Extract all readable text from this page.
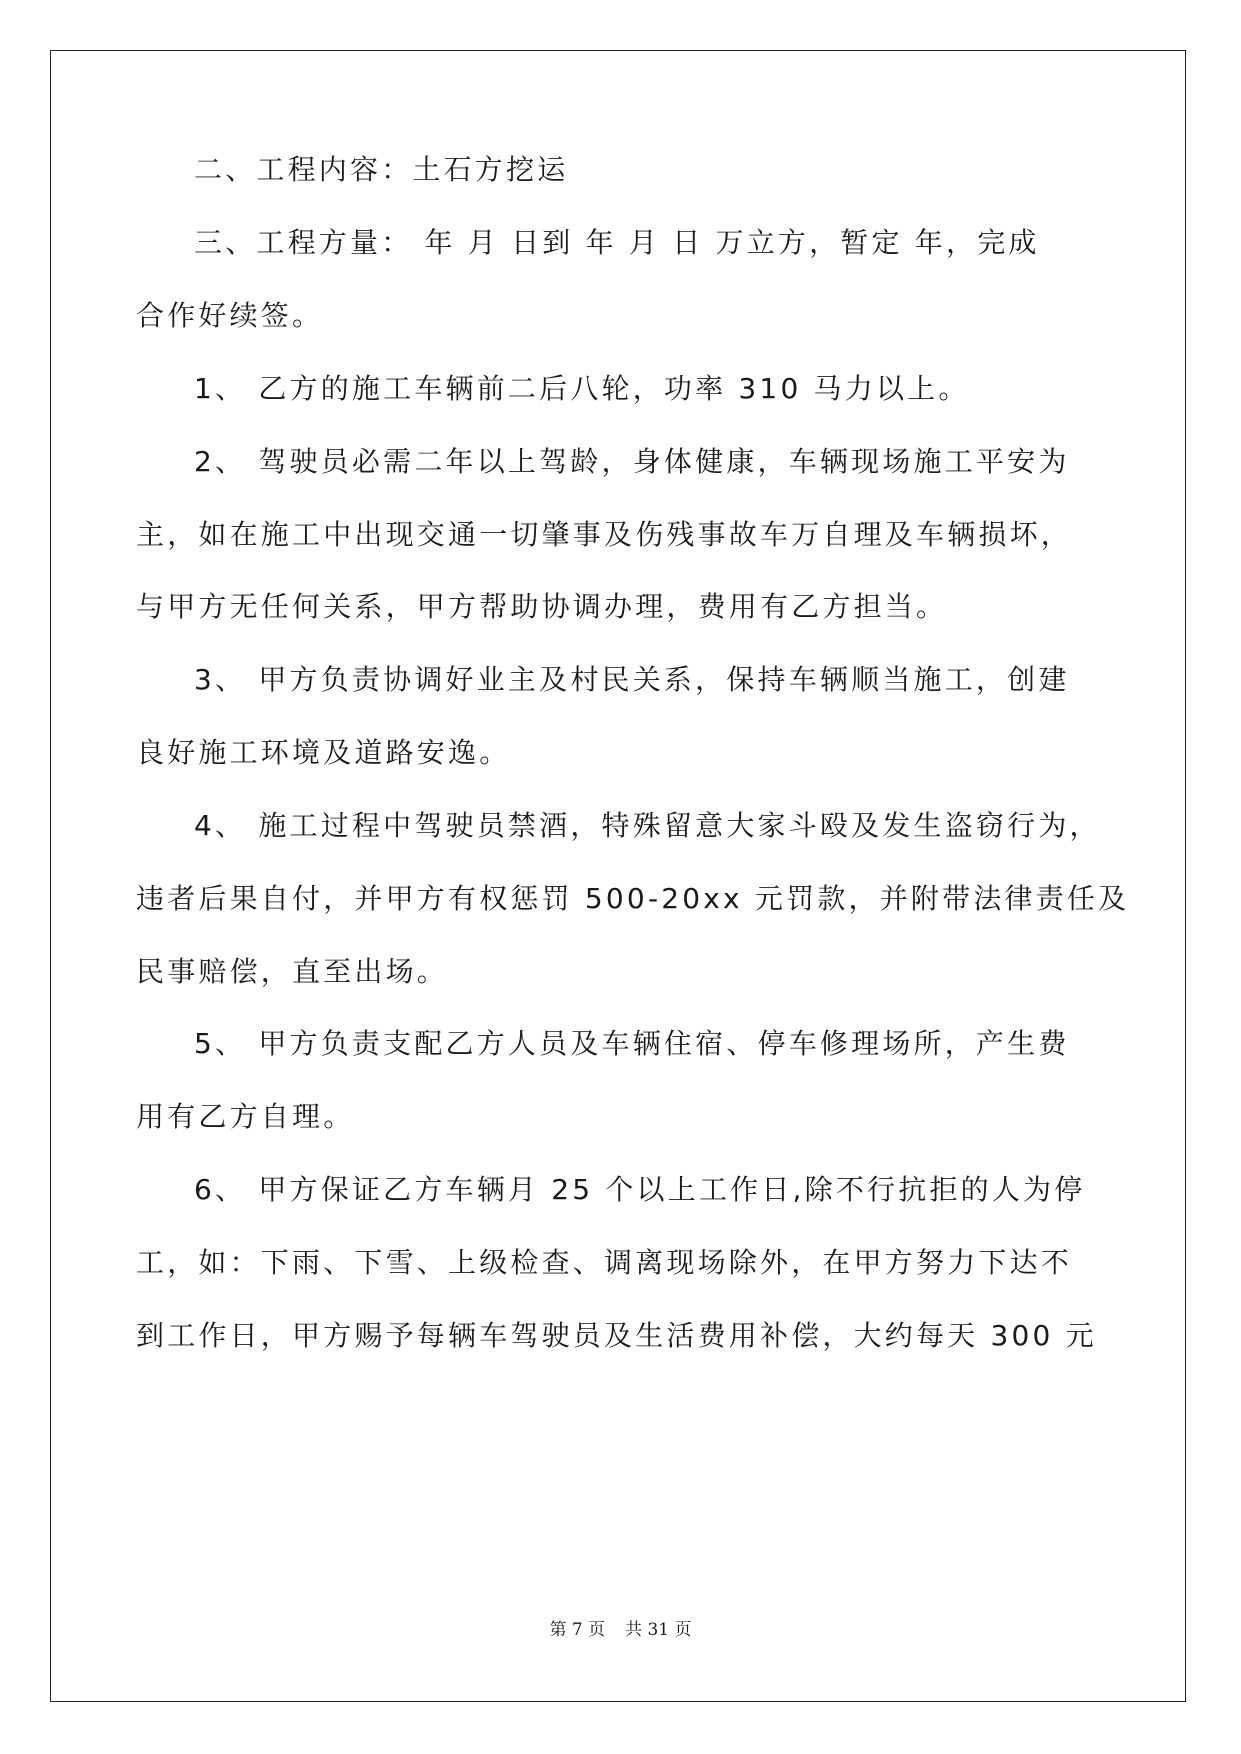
二、工程内容：土石方挖运
三、工程方量： 年 月 日到 年 月 日 万立方，暂定 年，完成
合作好续签。
1、 乙方的施工车辆前二后八轮，功率 310 马力以上。
2、 驾驶员必需二年以上驾龄，身体健康，车辆现场施工平安为
主，如在施工中出现交通一切肇事及伤残事故车万自理及车辆损坏，
与甲方无任何关系，甲方帮助协调办理，费用有乙方担当。
3、 甲方负责协调好业主及村民关系，保持车辆顺当施工，创建
良好施工环境及道路安逸。
4、 施工过程中驾驶员禁酒，特殊留意大家斗殴及发生盗窃行为，
违者后果自付，并甲方有权惩罚 500-20xx 元罚款，并附带法律责任及
民事赔偿，直至出场。
5、 甲方负责支配乙方人员及车辆住宿、停车修理场所，产生费
用有乙方自理。
6、 甲方保证乙方车辆月 25 个以上工作日,除不行抗拒的人为停
工，如：下雨、下雪、上级检查、调离现场除外，在甲方努力下达不
到工作日，甲方赐予每辆车驾驶员及生活费用补偿，大约每天 300 元
第 7 页 共 31 页
